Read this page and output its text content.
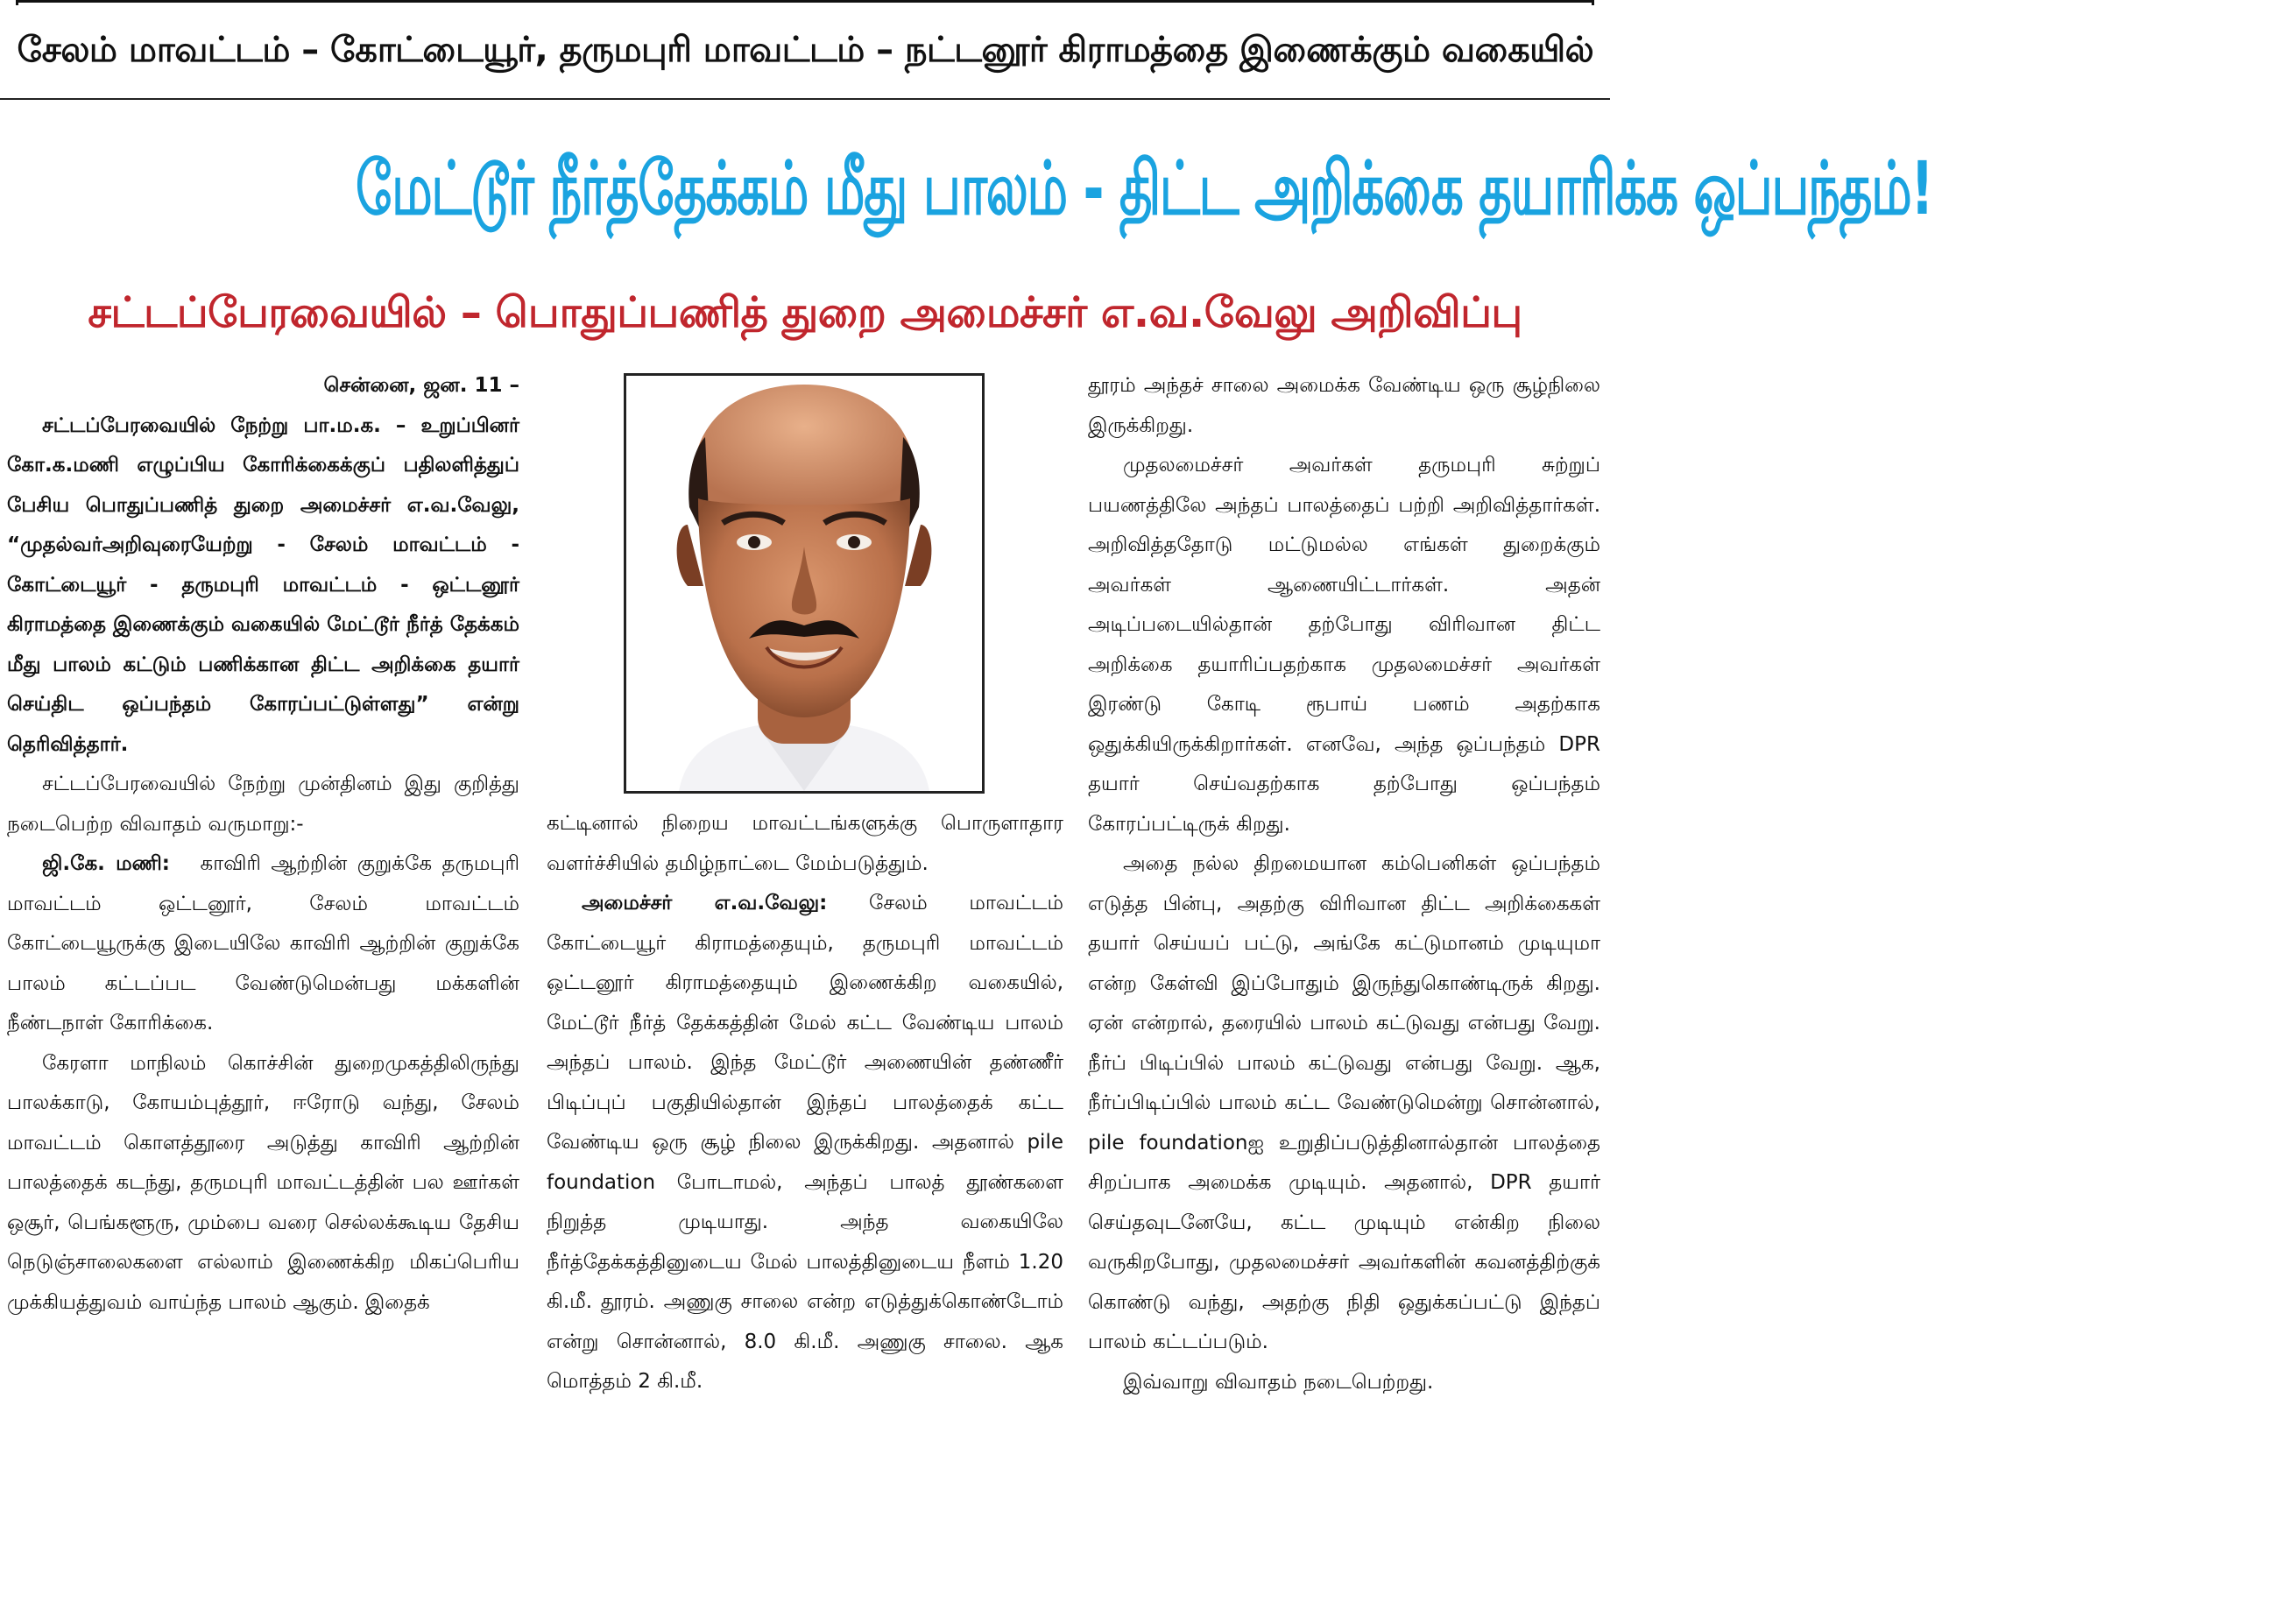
சேலம் மாவட்டம் – கோட்டையூர், தருமபுரி மாவட்டம் – நட்டனூர் கிராமத்தை இணைக்கும் வகையில்
மேட்டூர் நீர்த்தேக்கம் மீது பாலம் - திட்ட அறிக்கை தயாரிக்க ஒப்பந்தம்!
சட்டப்பேரவையில் – பொதுப்பணித் துறை அமைச்சர் எ.வ.வேலு அறிவிப்பு

சென்னை, ஜன. 11 –

சட்டப்பேரவையில் நேற்று பா.ம.க. – உறுப்பினர் கோ.க.மணி எழுப்பிய கோரிக்கைக்குப் பதிலளித்துப் பேசிய பொதுப்பணித் துறை அமைச்சர் எ.வ.வேலு, “முதல்வர்அறிவுரையேற்று - சேலம் மாவட்டம் - கோட்டையூர் - தருமபுரி மாவட்டம் - ஒட்டனூர் கிராமத்தை இணைக்கும் வகையில் மேட்டூர் நீர்த் தேக்கம் மீது பாலம் கட்டும் பணிக்கான திட்ட அறிக்கை தயார் செய்திட ஒப்பந்தம் கோரப்பட்டுள்ளது” என்று தெரிவித்தார்.

சட்டப்பேரவையில் நேற்று முன்தினம் இது குறித்து நடைபெற்ற விவாதம் வருமாறு:-

ஜி.கே. மணி: காவிரி ஆற்றின் குறுக்கே தருமபுரி மாவட்டம் ஒட்டனூர், சேலம் மாவட்டம் கோட்டையூருக்கு இடையிலே காவிரி ஆற்றின் குறுக்கே பாலம் கட்டப்பட வேண்டுமென்பது மக்களின் நீண்டநாள் கோரிக்கை.

கேரளா மாநிலம் கொச்சின் துறைமுகத்திலிருந்து பாலக்காடு, கோயம்புத்தூர், ஈரோடு வந்து, சேலம் மாவட்டம் கொளத்தூரை அடுத்து காவிரி ஆற்றின் பாலத்தைக் கடந்து, தருமபுரி மாவட்டத்தின் பல ஊர்கள் ஒசூர், பெங்களூரு, மும்பை வரை செல்லக்கூடிய தேசிய நெடுஞ்சாலைகளை எல்லாம் இணைக்கிற மிகப்பெரிய முக்கியத்துவம் வாய்ந்த பாலம் ஆகும். இதைக்

கட்டினால் நிறைய மாவட்டங்களுக்கு பொருளாதார வளர்ச்சியில் தமிழ்நாட்டை மேம்படுத்தும்.

அமைச்சர் எ.வ.வேலு: சேலம் மாவட்டம் கோட்டையூர் கிராமத்தையும், தருமபுரி மாவட்டம் ஒட்டனூர் கிராமத்தையும் இணைக்கிற வகையில், மேட்டூர் நீர்த் தேக்கத்தின் மேல் கட்ட வேண்டிய பாலம் அந்தப் பாலம். இந்த மேட்டூர் அணையின் தண்ணீர் பிடிப்புப் பகுதியில்தான் இந்தப் பாலத்தைக் கட்ட வேண்டிய ஒரு சூழ் நிலை இருக்கிறது. அதனால் pile foundation போடாமல், அந்தப் பாலத் தூண்களை நிறுத்த முடியாது. அந்த வகையிலே நீர்த்தேக்கத்தினுடைய மேல் பாலத்தினுடைய நீளம் 1.20 கி.மீ. தூரம். அணுகு சாலை என்ற எடுத்துக்கொண்டோம் என்று சொன்னால், 8.0 கி.மீ. அணுகு சாலை. ஆக மொத்தம் 2 கி.மீ.

தூரம் அந்தச் சாலை அமைக்க வேண்டிய ஒரு சூழ்நிலை இருக்கிறது.

முதலமைச்சர் அவர்கள் தருமபுரி சுற்றுப் பயணத்திலே அந்தப் பாலத்தைப் பற்றி அறிவித்தார்கள். அறிவித்ததோடு மட்டுமல்ல எங்கள் துறைக்கும் அவர்கள் ஆணையிட்டார்கள். அதன் அடிப்படையில்தான் தற்போது விரிவான திட்ட அறிக்கை தயாரிப்பதற்காக முதலமைச்சர் அவர்கள் இரண்டு கோடி ரூபாய் பணம் அதற்காக ஒதுக்கியிருக்கிறார்கள். எனவே, அந்த ஒப்பந்தம் DPR தயார் செய்வதற்காக தற்போது ஒப்பந்தம் கோரப்பட்டிருக் கிறது.

அதை நல்ல திறமையான கம்பெனிகள் ஒப்பந்தம் எடுத்த பின்பு, அதற்கு விரிவான திட்ட அறிக்கைகள் தயார் செய்யப் பட்டு, அங்கே கட்டுமானம் முடியுமா என்ற கேள்வி இப்போதும் இருந்துகொண்டிருக் கிறது. ஏன் என்றால், தரையில் பாலம் கட்டுவது என்பது வேறு. நீர்ப் பிடிப்பில் பாலம் கட்டுவது என்பது வேறு. ஆக, நீர்ப்பிடிப்பில் பாலம் கட்ட வேண்டுமென்று சொன்னால், pile foundationஐ உறுதிப்படுத்தினால்தான் பாலத்தை சிறப்பாக அமைக்க முடியும். அதனால், DPR தயார் செய்தவுடனேயே, கட்ட முடியும் என்கிற நிலை வருகிறபோது, முதலமைச்சர் அவர்களின் கவனத்திற்குக் கொண்டு வந்து, அதற்கு நிதி ஒதுக்கப்பட்டு இந்தப் பாலம் கட்டப்படும்.

இவ்வாறு விவாதம் நடைபெற்றது.
